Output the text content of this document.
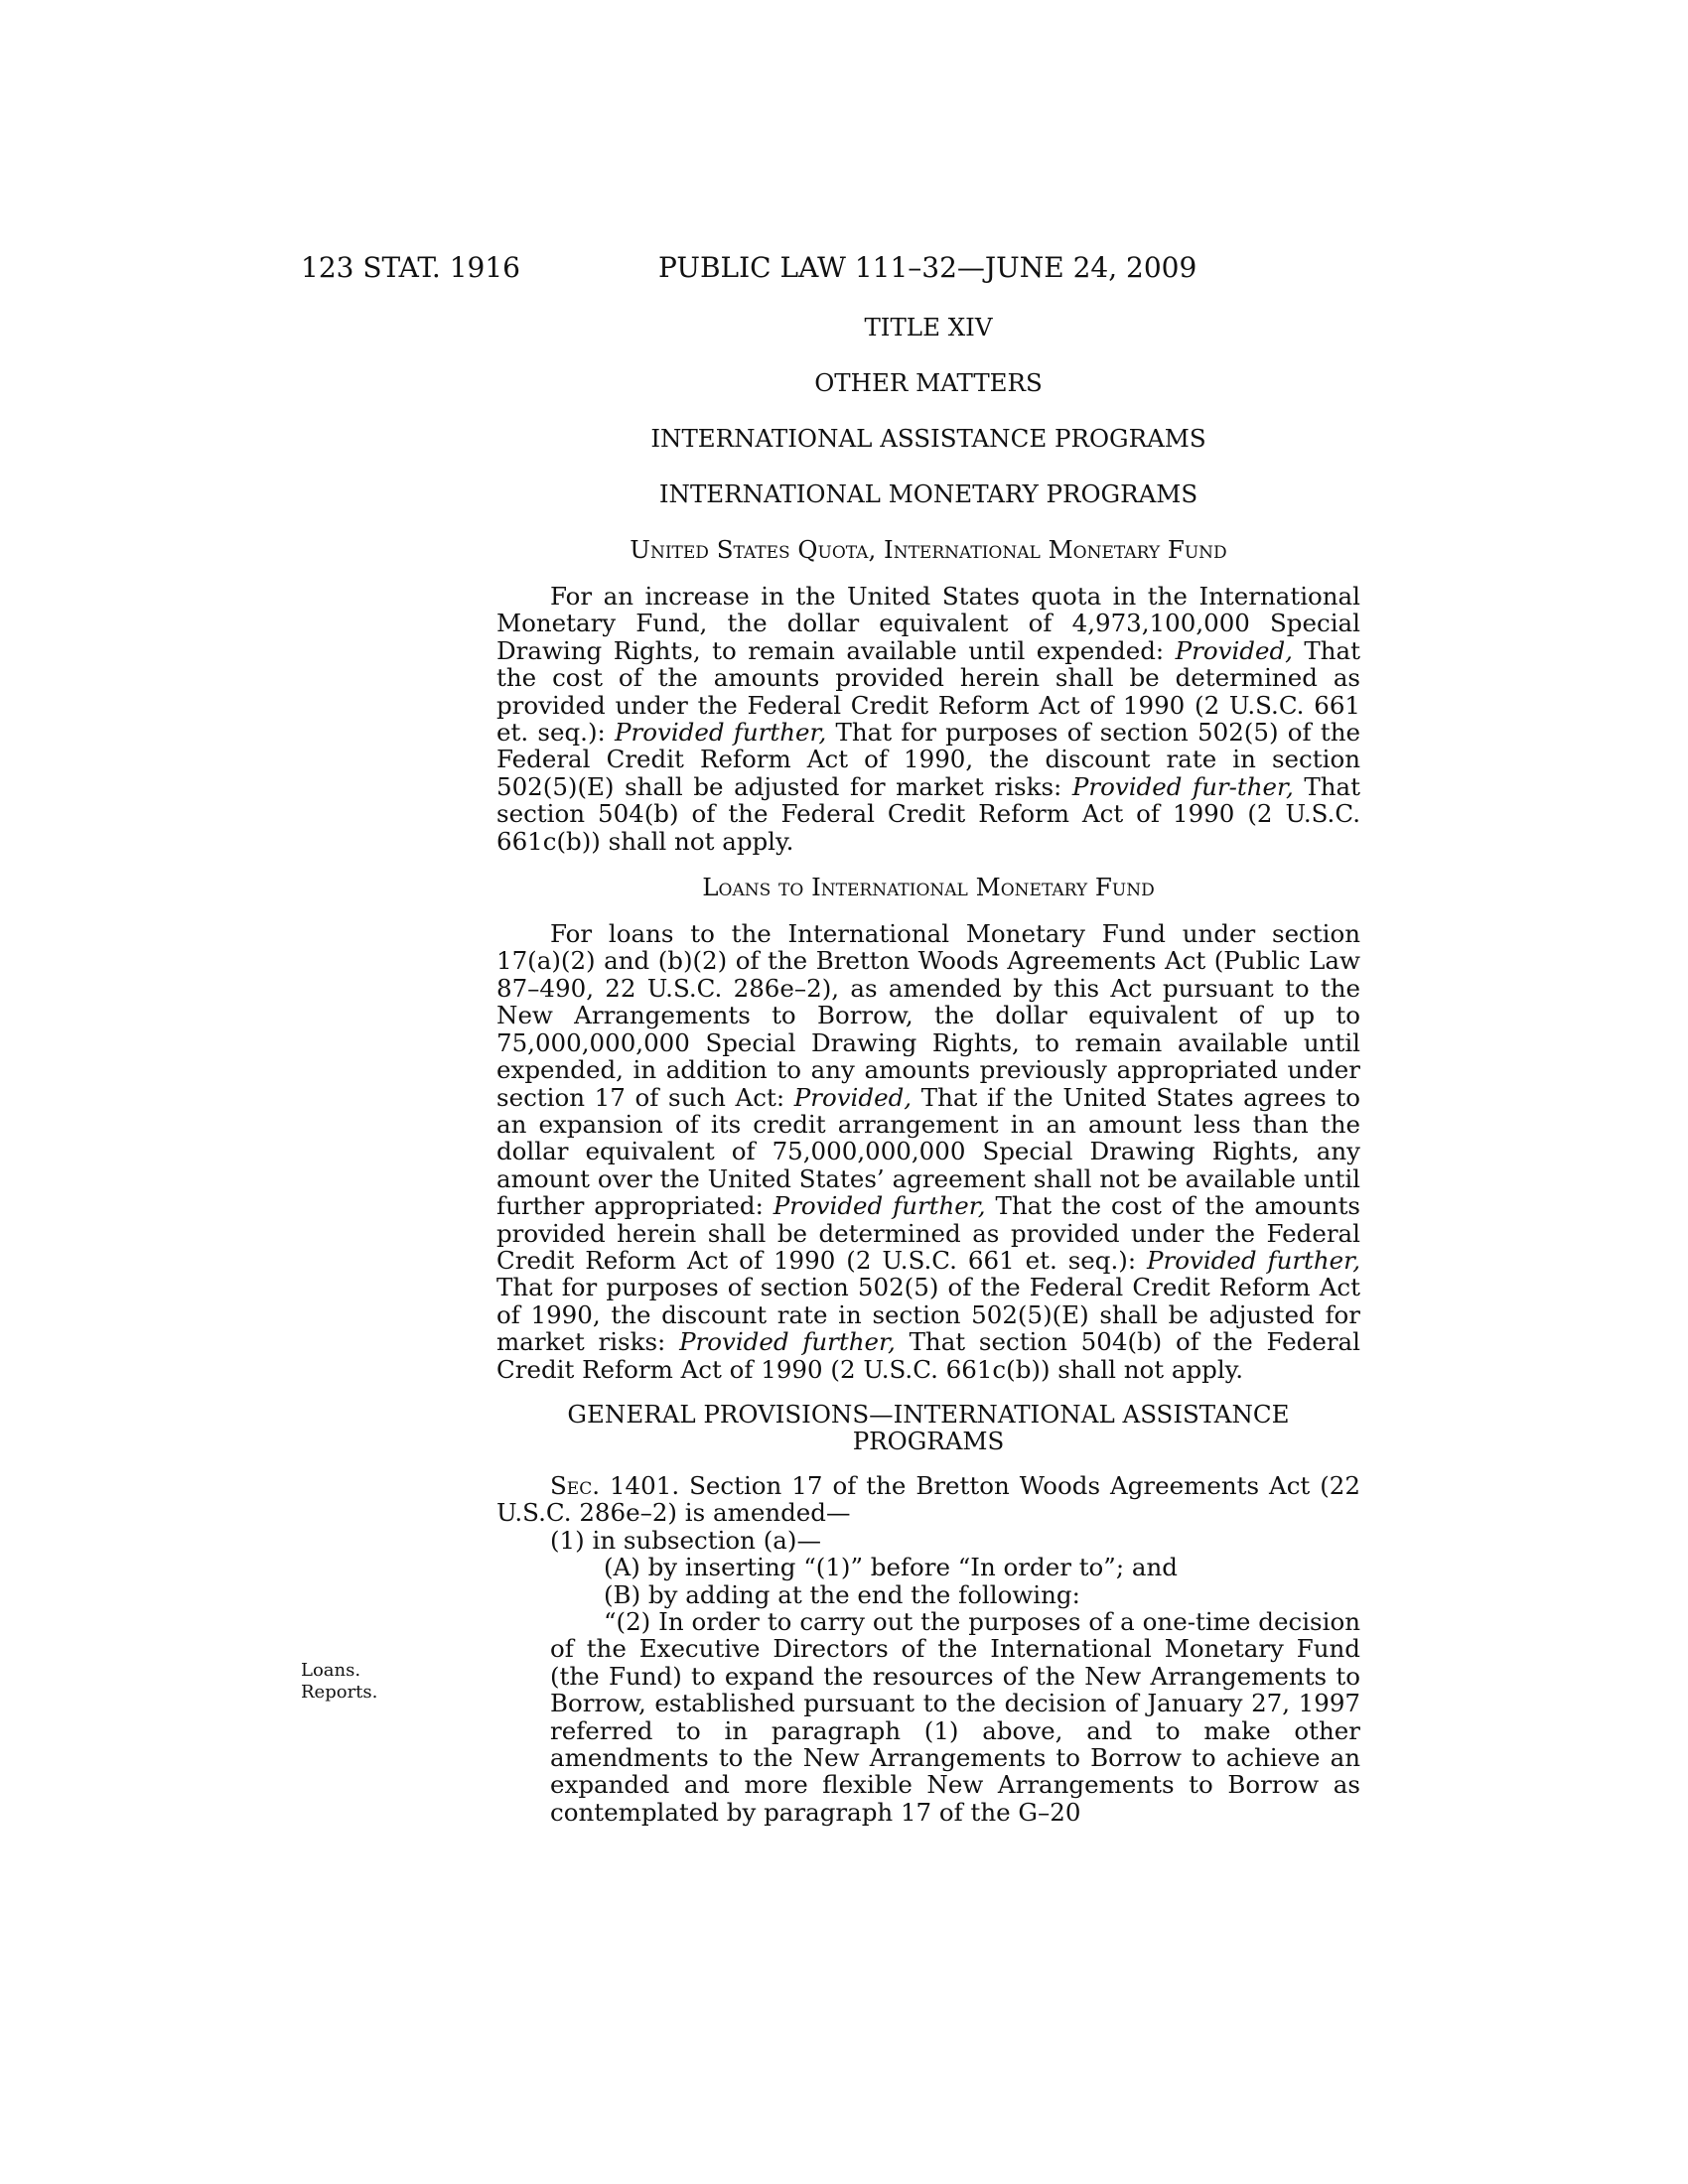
123 STAT. 1916	PUBLIC LAW 111–32—JUNE 24, 2009
Loans.
Reports.
TITLE XIV
OTHER MATTERS
INTERNATIONAL ASSISTANCE PROGRAMS
INTERNATIONAL MONETARY PROGRAMS
United States Quota, International Monetary Fund

For an increase in the United States quota in the International Monetary Fund, the dollar equivalent of 4,973,100,000 Special Drawing Rights, to remain available until expended: Provided, That the cost of the amounts provided herein shall be determined as provided under the Federal Credit Reform Act of 1990 (2 U.S.C. 661 et. seq.): Provided further, That for purposes of section 502(5) of the Federal Credit Reform Act of 1990, the discount rate in section 502(5)(E) shall be adjusted for market risks: Provided fur-ther, That section 504(b) of the Federal Credit Reform Act of 1990 (2 U.S.C. 661c(b)) shall not apply.

Loans to International Monetary Fund

For loans to the International Monetary Fund under section 17(a)(2) and (b)(2) of the Bretton Woods Agreements Act (Public Law 87–490, 22 U.S.C. 286e–2), as amended by this Act pursuant to the New Arrangements to Borrow, the dollar equivalent of up to 75,000,000,000 Special Drawing Rights, to remain available until expended, in addition to any amounts previously appropriated under section 17 of such Act: Provided, That if the United States agrees to an expansion of its credit arrangement in an amount less than the dollar equivalent of 75,000,000,000 Special Drawing Rights, any amount over the United States’ agreement shall not be available until further appropriated: Provided further, That the cost of the amounts provided herein shall be determined as provided under the Federal Credit Reform Act of 1990 (2 U.S.C. 661 et. seq.): Provided further, That for purposes of section 502(5) of the Federal Credit Reform Act of 1990, the discount rate in section 502(5)(E) shall be adjusted for market risks: Provided further, That section 504(b) of the Federal Credit Reform Act of 1990 (2 U.S.C. 661c(b)) shall not apply.

GENERAL PROVISIONS—INTERNATIONAL ASSISTANCE
PROGRAMS

Sec. 1401. Section 17 of the Bretton Woods Agreements Act (22 U.S.C. 286e–2) is amended—

(1) in subsection (a)—

(A) by inserting “(1)” before “In order to”; and

(B) by adding at the end the following:

“(2) In order to carry out the purposes of a one-time decision of the Executive Directors of the International Monetary Fund (the Fund) to expand the resources of the New Arrangements to Borrow, established pursuant to the decision of January 27, 1997 referred to in paragraph (1) above, and to make other amendments to the New Arrangements to Borrow to achieve an expanded and more flexible New Arrangements to Borrow as contemplated by paragraph 17 of the G–20
